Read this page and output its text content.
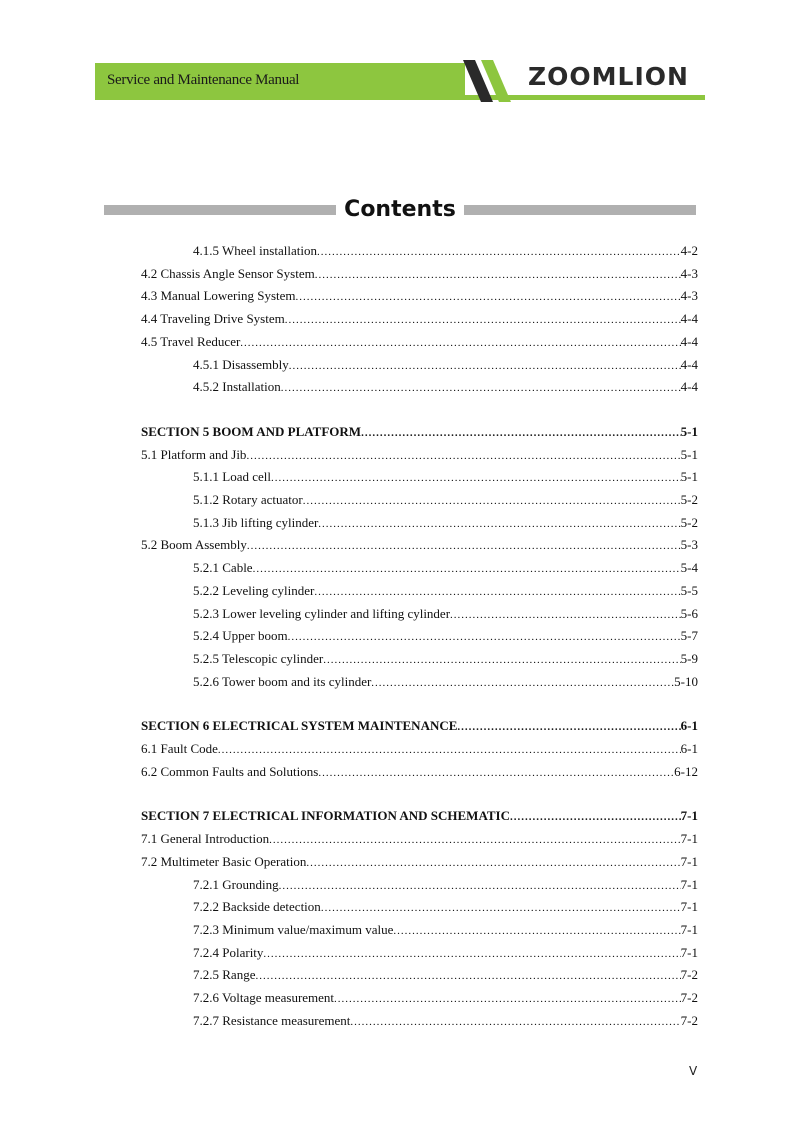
Service and Maintenance Manual	ZOOMLION
Contents
4.1.5 Wheel installation .....	4-2
4.2 Chassis Angle Sensor System .....	4-3
4.3 Manual Lowering System .....	4-3
4.4 Traveling Drive System .....	4-4
4.5 Travel Reducer .....	4-4
4.5.1 Disassembly .....	4-4
4.5.2 Installation .....	4-4
SECTION 5 BOOM AND PLATFORM .....	5-1
5.1 Platform and Jib .....	5-1
5.1.1 Load cell .....	5-1
5.1.2 Rotary actuator .....	5-2
5.1.3 Jib lifting cylinder .....	5-2
5.2 Boom Assembly .....	5-3
5.2.1 Cable .....	5-4
5.2.2 Leveling cylinder .....	5-5
5.2.3 Lower leveling cylinder and lifting cylinder .....	5-6
5.2.4 Upper boom .....	5-7
5.2.5 Telescopic cylinder .....	5-9
5.2.6 Tower boom and its cylinder .....	5-10
SECTION 6 ELECTRICAL SYSTEM MAINTENANCE .....	6-1
6.1 Fault Code .....	6-1
6.2 Common Faults and Solutions .....	6-12
SECTION 7 ELECTRICAL INFORMATION AND SCHEMATIC .....	7-1
7.1 General Introduction .....	7-1
7.2 Multimeter Basic Operation .....	7-1
7.2.1 Grounding .....	7-1
7.2.2 Backside detection .....	7-1
7.2.3 Minimum value/maximum value .....	7-1
7.2.4 Polarity .....	7-1
7.2.5 Range .....	7-2
7.2.6 Voltage measurement .....	7-2
7.2.7 Resistance measurement .....	7-2
V
